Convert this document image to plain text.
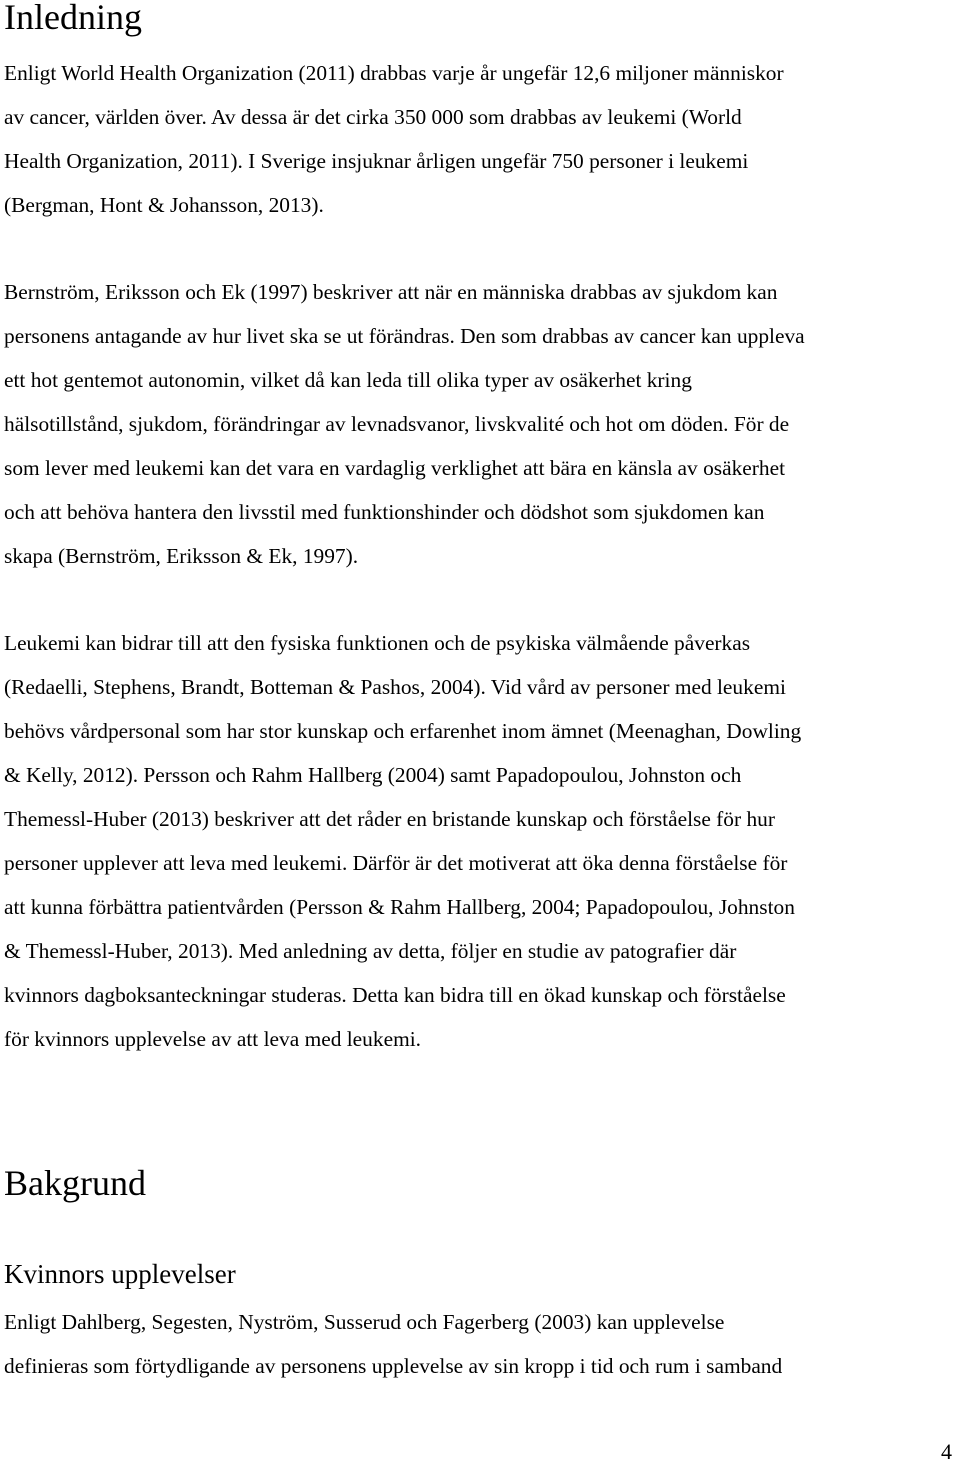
Inledning
Enligt World Health Organization (2011) drabbas varje år ungefär 12,6 miljoner människor
av cancer, världen över. Av dessa är det cirka 350 000 som drabbas av leukemi (World
Health Organization, 2011). I Sverige insjuknar årligen ungefär 750 personer i leukemi
(Bergman, Hont & Johansson, 2013).
Bernström, Eriksson och Ek (1997) beskriver att när en människa drabbas av sjukdom kan
personens antagande av hur livet ska se ut förändras. Den som drabbas av cancer kan uppleva
ett hot gentemot autonomin, vilket då kan leda till olika typer av osäkerhet kring
hälsotillstånd, sjukdom, förändringar av levnadsvanor, livskvalité och hot om döden. För de
som lever med leukemi kan det vara en vardaglig verklighet att bära en känsla av osäkerhet
och att behöva hantera den livsstil med funktionshinder och dödshot som sjukdomen kan
skapa (Bernström, Eriksson & Ek, 1997).
Leukemi kan bidrar till att den fysiska funktionen och de psykiska välmående påverkas
(Redaelli, Stephens, Brandt, Botteman & Pashos, 2004). Vid vård av personer med leukemi
behövs vårdpersonal som har stor kunskap och erfarenhet inom ämnet (Meenaghan, Dowling
& Kelly, 2012). Persson och Rahm Hallberg (2004) samt Papadopoulou, Johnston och
Themessl-Huber (2013) beskriver att det råder en bristande kunskap och förståelse för hur
personer upplever att leva med leukemi. Därför är det motiverat att öka denna förståelse för
att kunna förbättra patientvården (Persson & Rahm Hallberg, 2004; Papadopoulou, Johnston
& Themessl-Huber, 2013). Med anledning av detta, följer en studie av patografier där
kvinnors dagboksanteckningar studeras. Detta kan bidra till en ökad kunskap och förståelse
för kvinnors upplevelse av att leva med leukemi.
Bakgrund
Kvinnors upplevelser
Enligt Dahlberg, Segesten, Nyström, Susserud och Fagerberg (2003) kan upplevelse
definieras som förtydligande av personens upplevelse av sin kropp i tid och rum i samband
4
